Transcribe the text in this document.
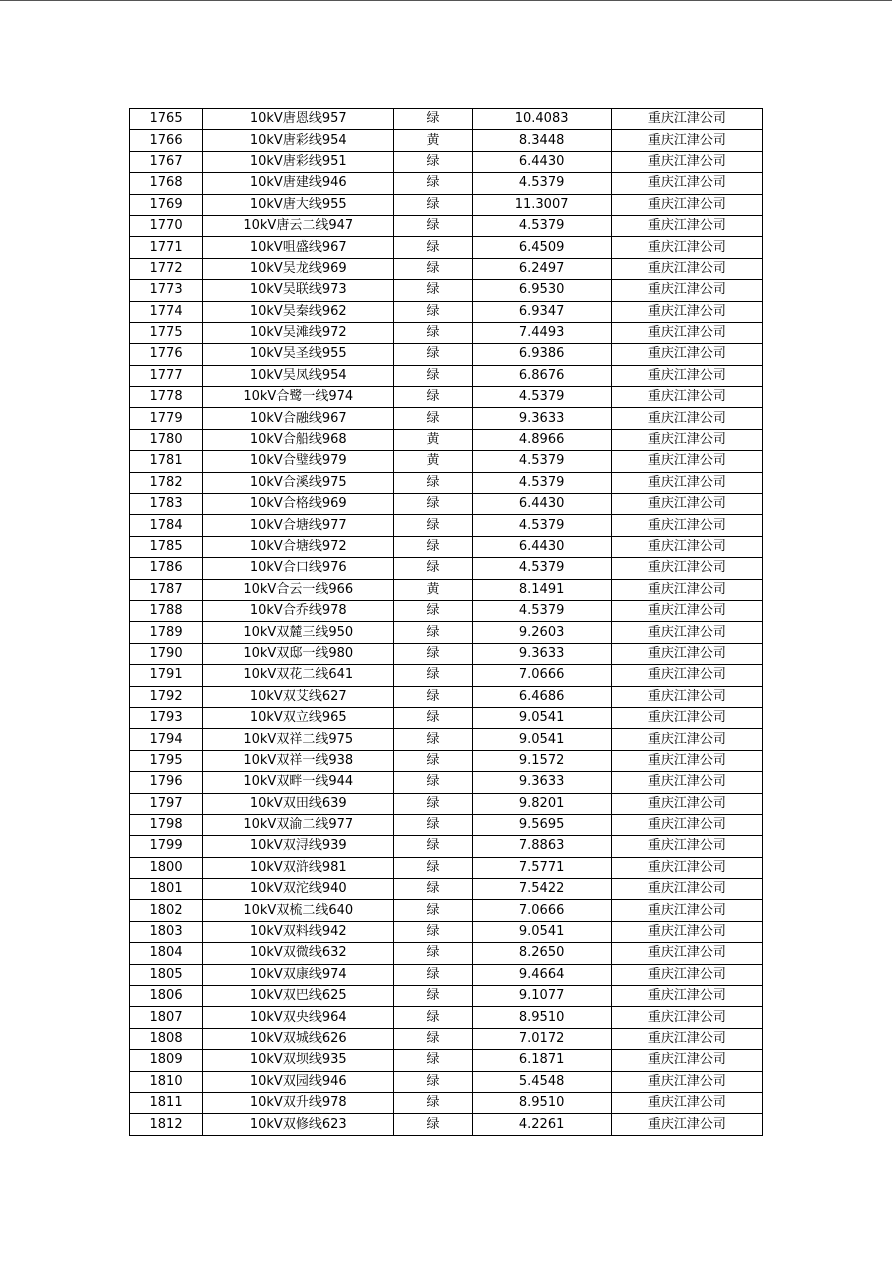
1765	10kV唐恩线957	绿	10.4083	重庆江津公司
1766	10kV唐彩线954	黄	8.3448	重庆江津公司
1767	10kV唐彩线951	绿	6.4430	重庆江津公司
1768	10kV唐建线946	绿	4.5379	重庆江津公司
1769	10kV唐大线955	绿	11.3007	重庆江津公司
1770	10kV唐云二线947	绿	4.5379	重庆江津公司
1771	10kV咀盛线967	绿	6.4509	重庆江津公司
1772	10kV吴龙线969	绿	6.2497	重庆江津公司
1773	10kV吴联线973	绿	6.9530	重庆江津公司
1774	10kV吴秦线962	绿	6.9347	重庆江津公司
1775	10kV吴滩线972	绿	7.4493	重庆江津公司
1776	10kV吴圣线955	绿	6.9386	重庆江津公司
1777	10kV吴凤线954	绿	6.8676	重庆江津公司
1778	10kV合鹭一线974	绿	4.5379	重庆江津公司
1779	10kV合融线967	绿	9.3633	重庆江津公司
1780	10kV合船线968	黄	4.8966	重庆江津公司
1781	10kV合璧线979	黄	4.5379	重庆江津公司
1782	10kV合溪线975	绿	4.5379	重庆江津公司
1783	10kV合格线969	绿	6.4430	重庆江津公司
1784	10kV合塘线977	绿	4.5379	重庆江津公司
1785	10kV合塘线972	绿	6.4430	重庆江津公司
1786	10kV合口线976	绿	4.5379	重庆江津公司
1787	10kV合云一线966	黄	8.1491	重庆江津公司
1788	10kV合乔线978	绿	4.5379	重庆江津公司
1789	10kV双麓三线950	绿	9.2603	重庆江津公司
1790	10kV双邸一线980	绿	9.3633	重庆江津公司
1791	10kV双花二线641	绿	7.0666	重庆江津公司
1792	10kV双艾线627	绿	6.4686	重庆江津公司
1793	10kV双立线965	绿	9.0541	重庆江津公司
1794	10kV双祥二线975	绿	9.0541	重庆江津公司
1795	10kV双祥一线938	绿	9.1572	重庆江津公司
1796	10kV双畔一线944	绿	9.3633	重庆江津公司
1797	10kV双田线639	绿	9.8201	重庆江津公司
1798	10kV双渝二线977	绿	9.5695	重庆江津公司
1799	10kV双浔线939	绿	7.8863	重庆江津公司
1800	10kV双浒线981	绿	7.5771	重庆江津公司
1801	10kV双沱线940	绿	7.5422	重庆江津公司
1802	10kV双梳二线640	绿	7.0666	重庆江津公司
1803	10kV双料线942	绿	9.0541	重庆江津公司
1804	10kV双微线632	绿	8.2650	重庆江津公司
1805	10kV双康线974	绿	9.4664	重庆江津公司
1806	10kV双巴线625	绿	9.1077	重庆江津公司
1807	10kV双央线964	绿	8.9510	重庆江津公司
1808	10kV双城线626	绿	7.0172	重庆江津公司
1809	10kV双坝线935	绿	6.1871	重庆江津公司
1810	10kV双园线946	绿	5.4548	重庆江津公司
1811	10kV双升线978	绿	8.9510	重庆江津公司
1812	10kV双修线623	绿	4.2261	重庆江津公司
